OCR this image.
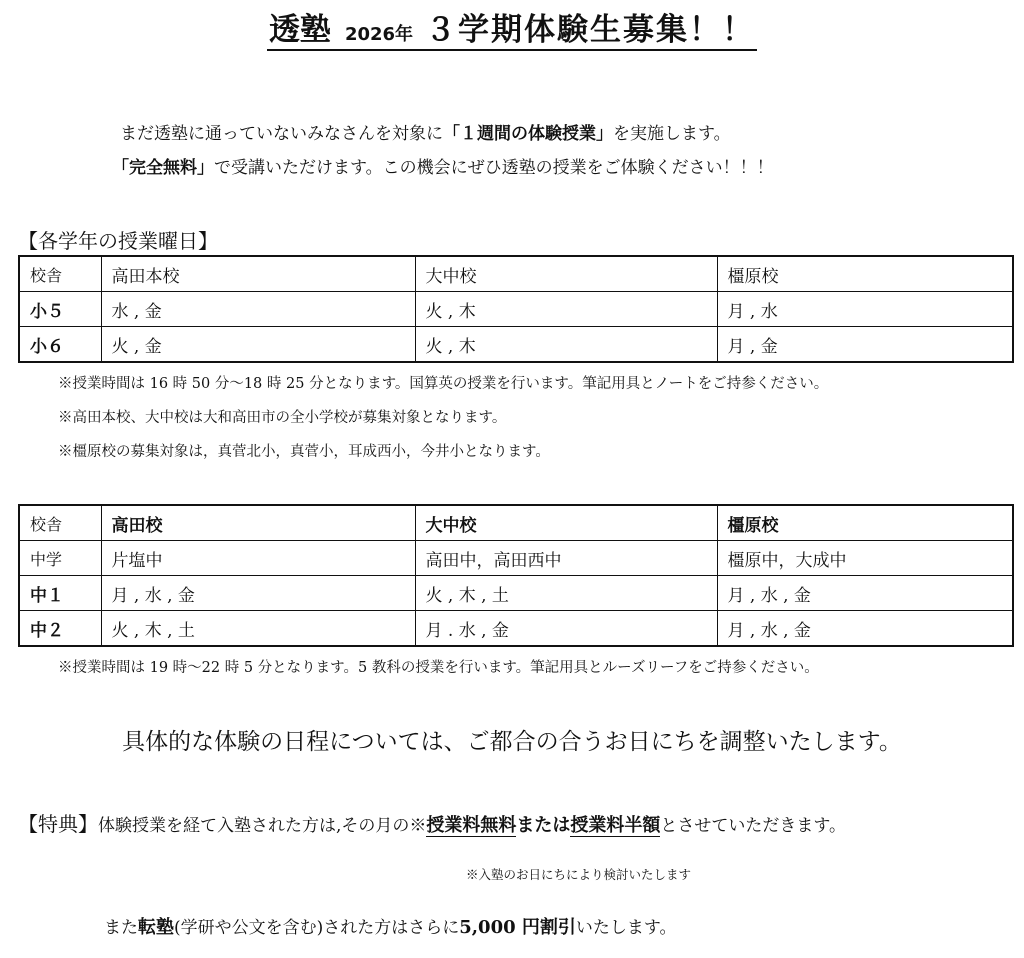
透塾 2026年 ３学期体験生募集！！
まだ透塾に通っていないみなさんを対象に「１週間の体験授業」を実施します。
「完全無料」で受講いただけます。この機会にぜひ透塾の授業をご体験ください！！！
【各学年の授業曜日】
校舎	高田本校	大中校	橿原校
小５	水 , 金	火 , 木	月 , 水
小６	火 , 金	火 , 木	月 , 金
※授業時間は 16 時 50 分～18 時 25 分となります。国算英の授業を行います。筆記用具とノートをご持参ください。
※高田本校、大中校は大和高田市の全小学校が募集対象となります。
※橿原校の募集対象は，真菅北小，真菅小，耳成西小，今井小となります。
校舎	高田校	大中校	橿原校
中学	片塩中	高田中，高田西中	橿原中，大成中
中１	月 , 水 , 金	火 , 木 , 土	月 , 水 , 金
中２	火 , 木 , 土	月 . 水 , 金	月 , 水 , 金
※授業時間は 19 時～22 時 5 分となります。5 教科の授業を行います。筆記用具とルーズリーフをご持参ください。
具体的な体験の日程については、ご都合の合うお日にちを調整いたします。
【特典】体験授業を経て入塾された方は,その月の※授業料無料または授業料半額とさせていただきます。
※入塾のお日にちにより検討いたします
また転塾(学研や公文を含む)された方はさらに5,000 円割引いたします。
